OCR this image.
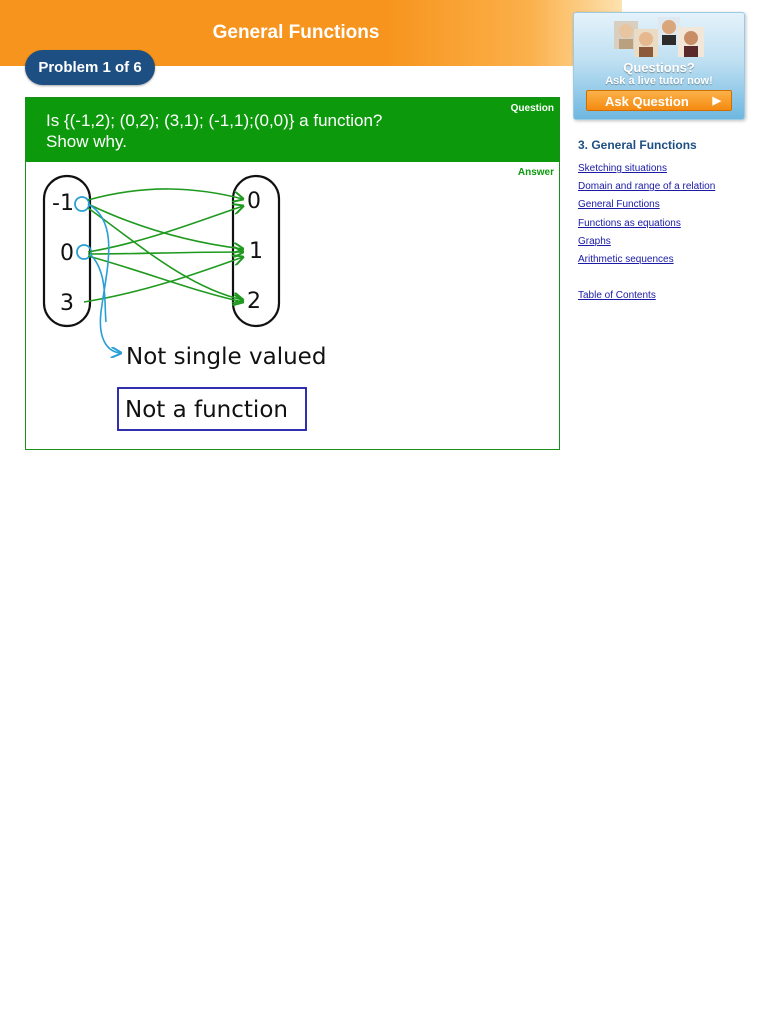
General Functions
Problem 1 of 6
Is {(-1,2); (0,2); (3,1); (-1,1);(0,0)} a function?
Show why.
Question
Answer
-1
0
3
0
1
2
Not single valued
Not a function
Questions?
Ask a live tutor now!
Ask Question ▶
3. General Functions
Sketching situations
Domain and range of a relation
General Functions
Functions as equations
Graphs
Arithmetic sequences
Table of Contents
